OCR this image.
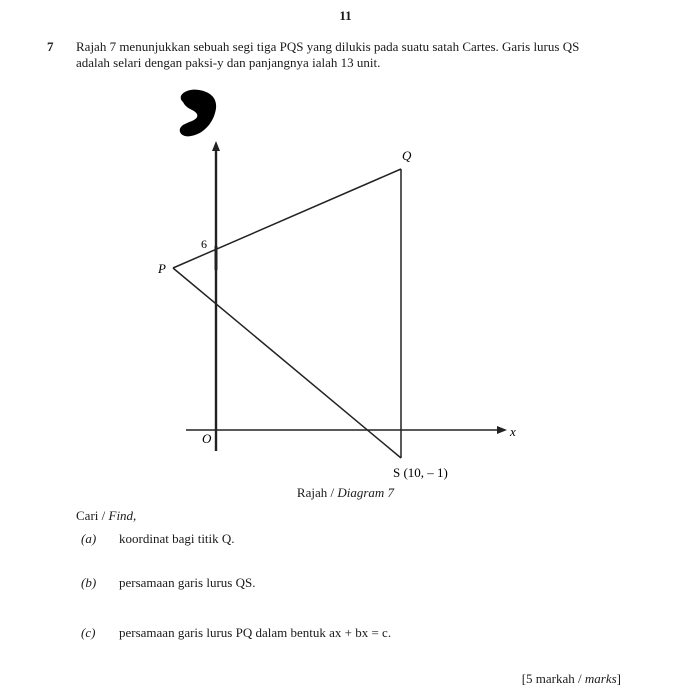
11
7 Rajah 7 menunjukkan sebuah segi tiga PQS yang dilukis pada suatu satah Cartes. Garis lurus QS

adalah selari dengan paksi-y dan panjangnya ialah 13 unit.

Q
P
6
O	x
S (10, – 1)
Rajah / Diagram 7
Cari / Find,
(a) koordinat bagi titik Q.
(b) persamaan garis lurus QS.
(c) persamaan garis lurus PQ dalam bentuk ax + bx = c.
[5 markah / marks]
